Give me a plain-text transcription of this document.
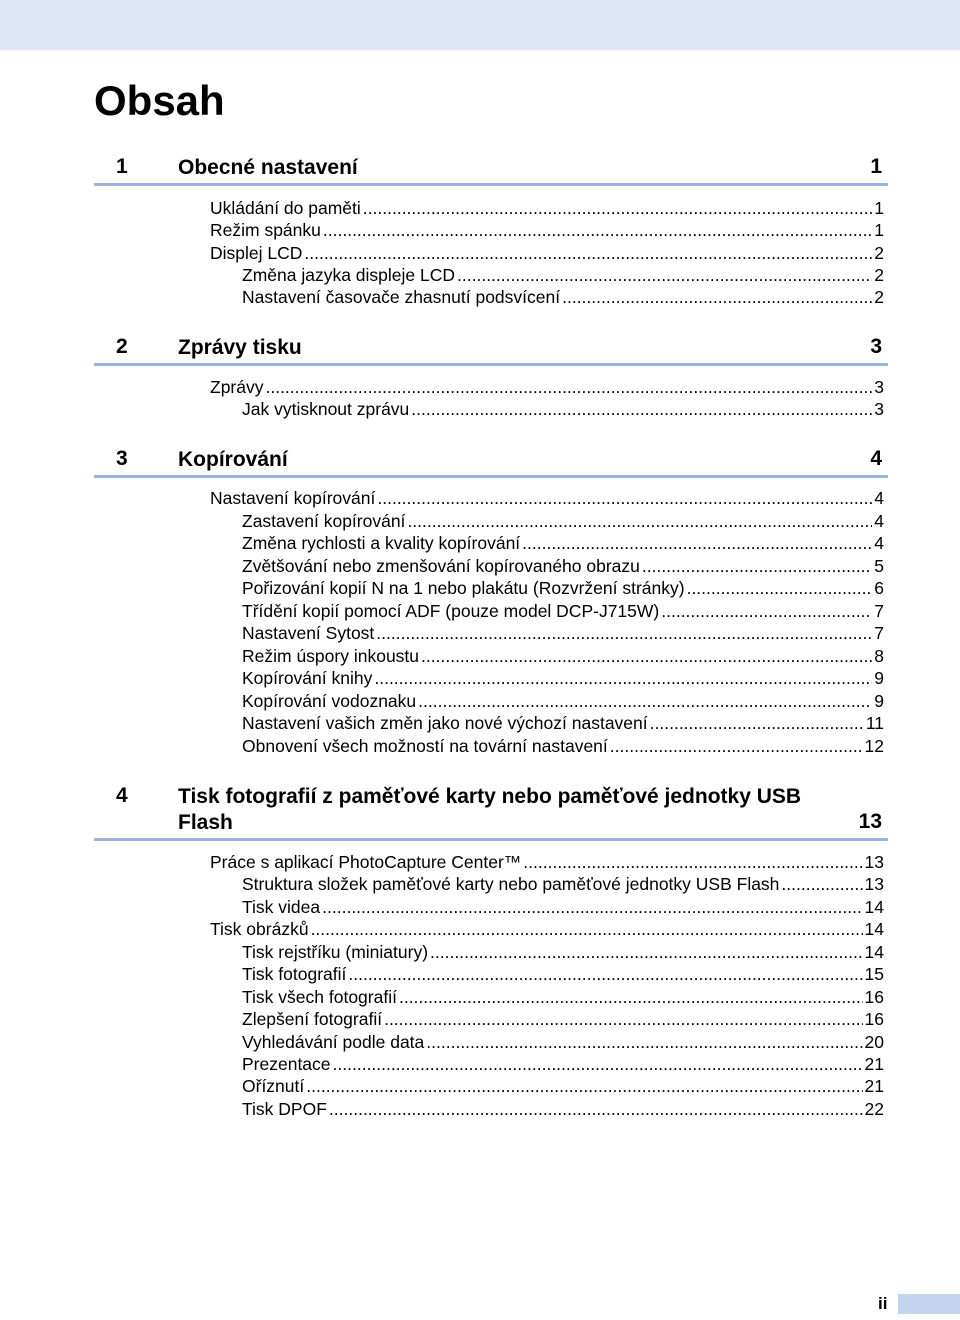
Obsah
1 Obecné nastavení	1
Ukládání do paměti .....	1
Režim spánku .....	1
Displej LCD .....	2
Změna jazyka displeje LCD .....	2
Nastavení časovače zhasnutí podsvícení .....	2
2 Zprávy tisku	3
Zprávy .....	3
Jak vytisknout zprávu .....	3
3 Kopírování	4
Nastavení kopírování .....	4
Zastavení kopírování .....	4
Změna rychlosti a kvality kopírování .....	4
Zvětšování nebo zmenšování kopírovaného obrazu .....	5
Pořizování kopií N na 1 nebo plakátu (Rozvržení stránky) .....	6
Třídění kopií pomocí ADF (pouze model DCP-J715W) .....	7
Nastavení Sytost .....	7
Režim úspory inkoustu .....	8
Kopírování knihy .....	9
Kopírování vodoznaku .....	9
Nastavení vašich změn jako nové výchozí nastavení .....	11
Obnovení všech možností na tovární nastavení .....	12
4 Tisk fotografií z paměťové karty nebo paměťové jednotky USB
Flash	13
Práce s aplikací PhotoCapture Center™ .....	13
Struktura složek paměťové karty nebo paměťové jednotky USB Flash .....	13
Tisk videa .....	14
Tisk obrázků .....	14
Tisk rejstříku (miniatury) .....	14
Tisk fotografií .....	15
Tisk všech fotografií .....	16
Zlepšení fotografií .....	16
Vyhledávání podle data .....	20
Prezentace .....	21
Oříznutí .....	21
Tisk DPOF .....	22
ii
